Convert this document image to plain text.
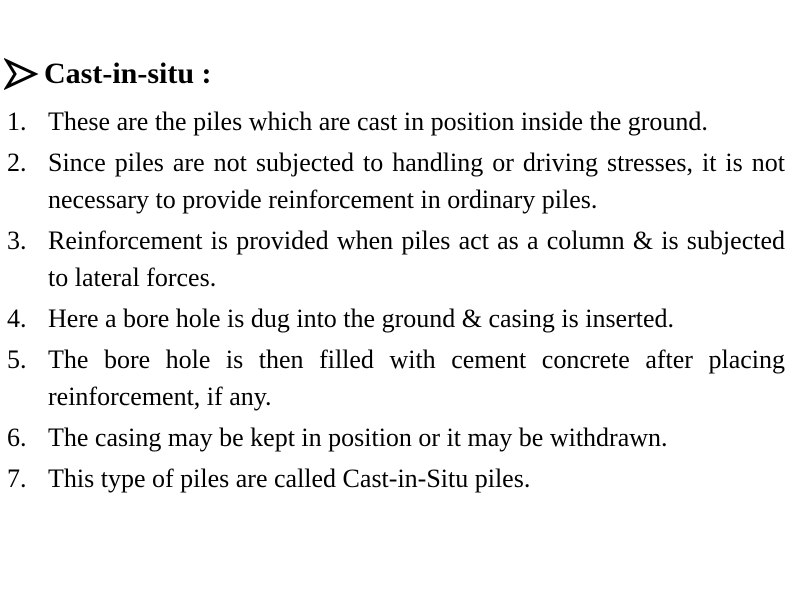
Cast-in-situ :
1. These are the piles which are cast in position inside the ground.
2. Since piles are not subjected to handling or driving stresses, it is not necessary to provide reinforcement in ordinary piles.
3. Reinforcement is provided when piles act as a column & is subjected to lateral forces.
4. Here a bore hole is dug into the ground & casing is inserted.
5. The bore hole is then filled with cement concrete after placing reinforcement, if any.
6. The casing may be kept in position or it may be withdrawn.
7. This type of piles are called Cast-in-Situ piles.
